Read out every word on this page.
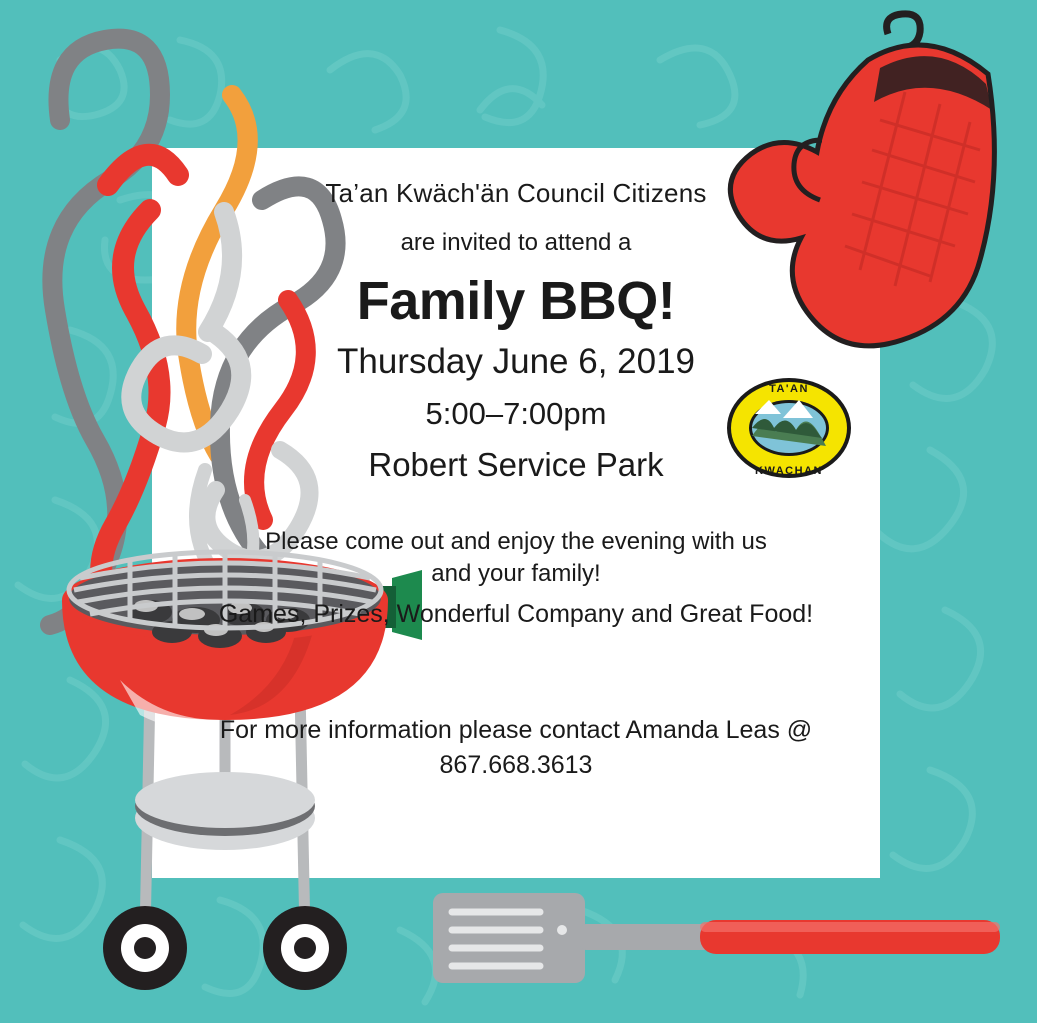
TA'AN
KWACHAN
Ta’an Kwäch'än Council Citizens
are invited to attend a
Family BBQ!
Thursday June 6, 2019
5:00–7:00pm
Robert Service Park
Please come out and enjoy the evening with us and your family!
Games, Prizes, Wonderful Company and Great Food!
For more information please contact Amanda Leas @ 867.668.3613
